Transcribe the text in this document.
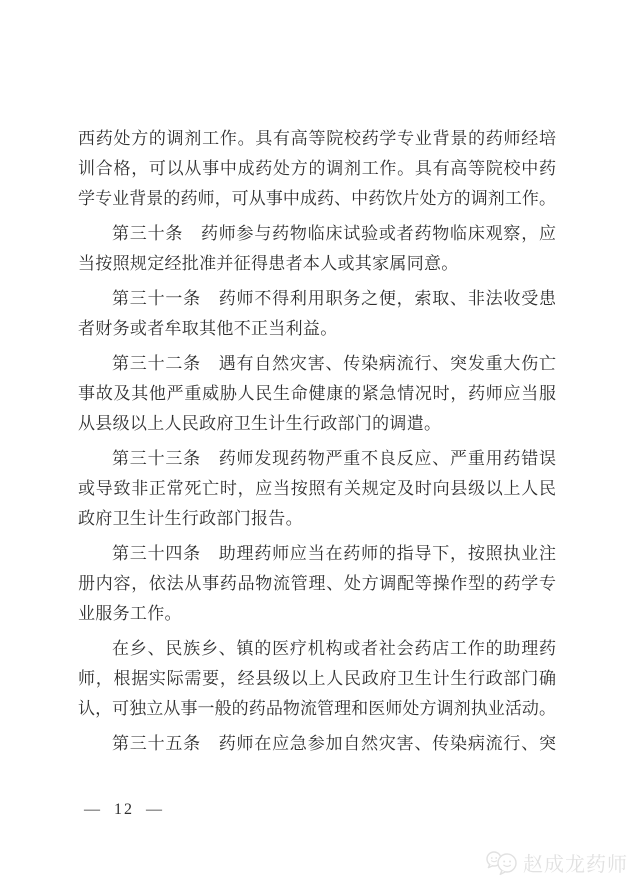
西药处方的调剂工作。具有高等院校药学专业背景的药师经培
训合格，可以从事中成药处方的调剂工作。具有高等院校中药
学专业背景的药师，可从事中成药、中药饮片处方的调剂工作。
第三十条　药师参与药物临床试验或者药物临床观察，应
当按照规定经批准并征得患者本人或其家属同意。
第三十一条　药师不得利用职务之便，索取、非法收受患
者财务或者牟取其他不正当利益。
第三十二条　遇有自然灾害、传染病流行、突发重大伤亡
事故及其他严重威胁人民生命健康的紧急情况时，药师应当服
从县级以上人民政府卫生计生行政部门的调遣。
第三十三条　药师发现药物严重不良反应、严重用药错误
或导致非正常死亡时，应当按照有关规定及时向县级以上人民
政府卫生计生行政部门报告。
第三十四条　助理药师应当在药师的指导下，按照执业注
册内容，依法从事药品物流管理、处方调配等操作型的药学专
业服务工作。
在乡、民族乡、镇的医疗机构或者社会药店工作的助理药
师，根据实际需要，经县级以上人民政府卫生计生行政部门确
认，可独立从事一般的药品物流管理和医师处方调剂执业活动。
第三十五条　药师在应急参加自然灾害、传染病流行、突
— 12 —
赵成龙药师
